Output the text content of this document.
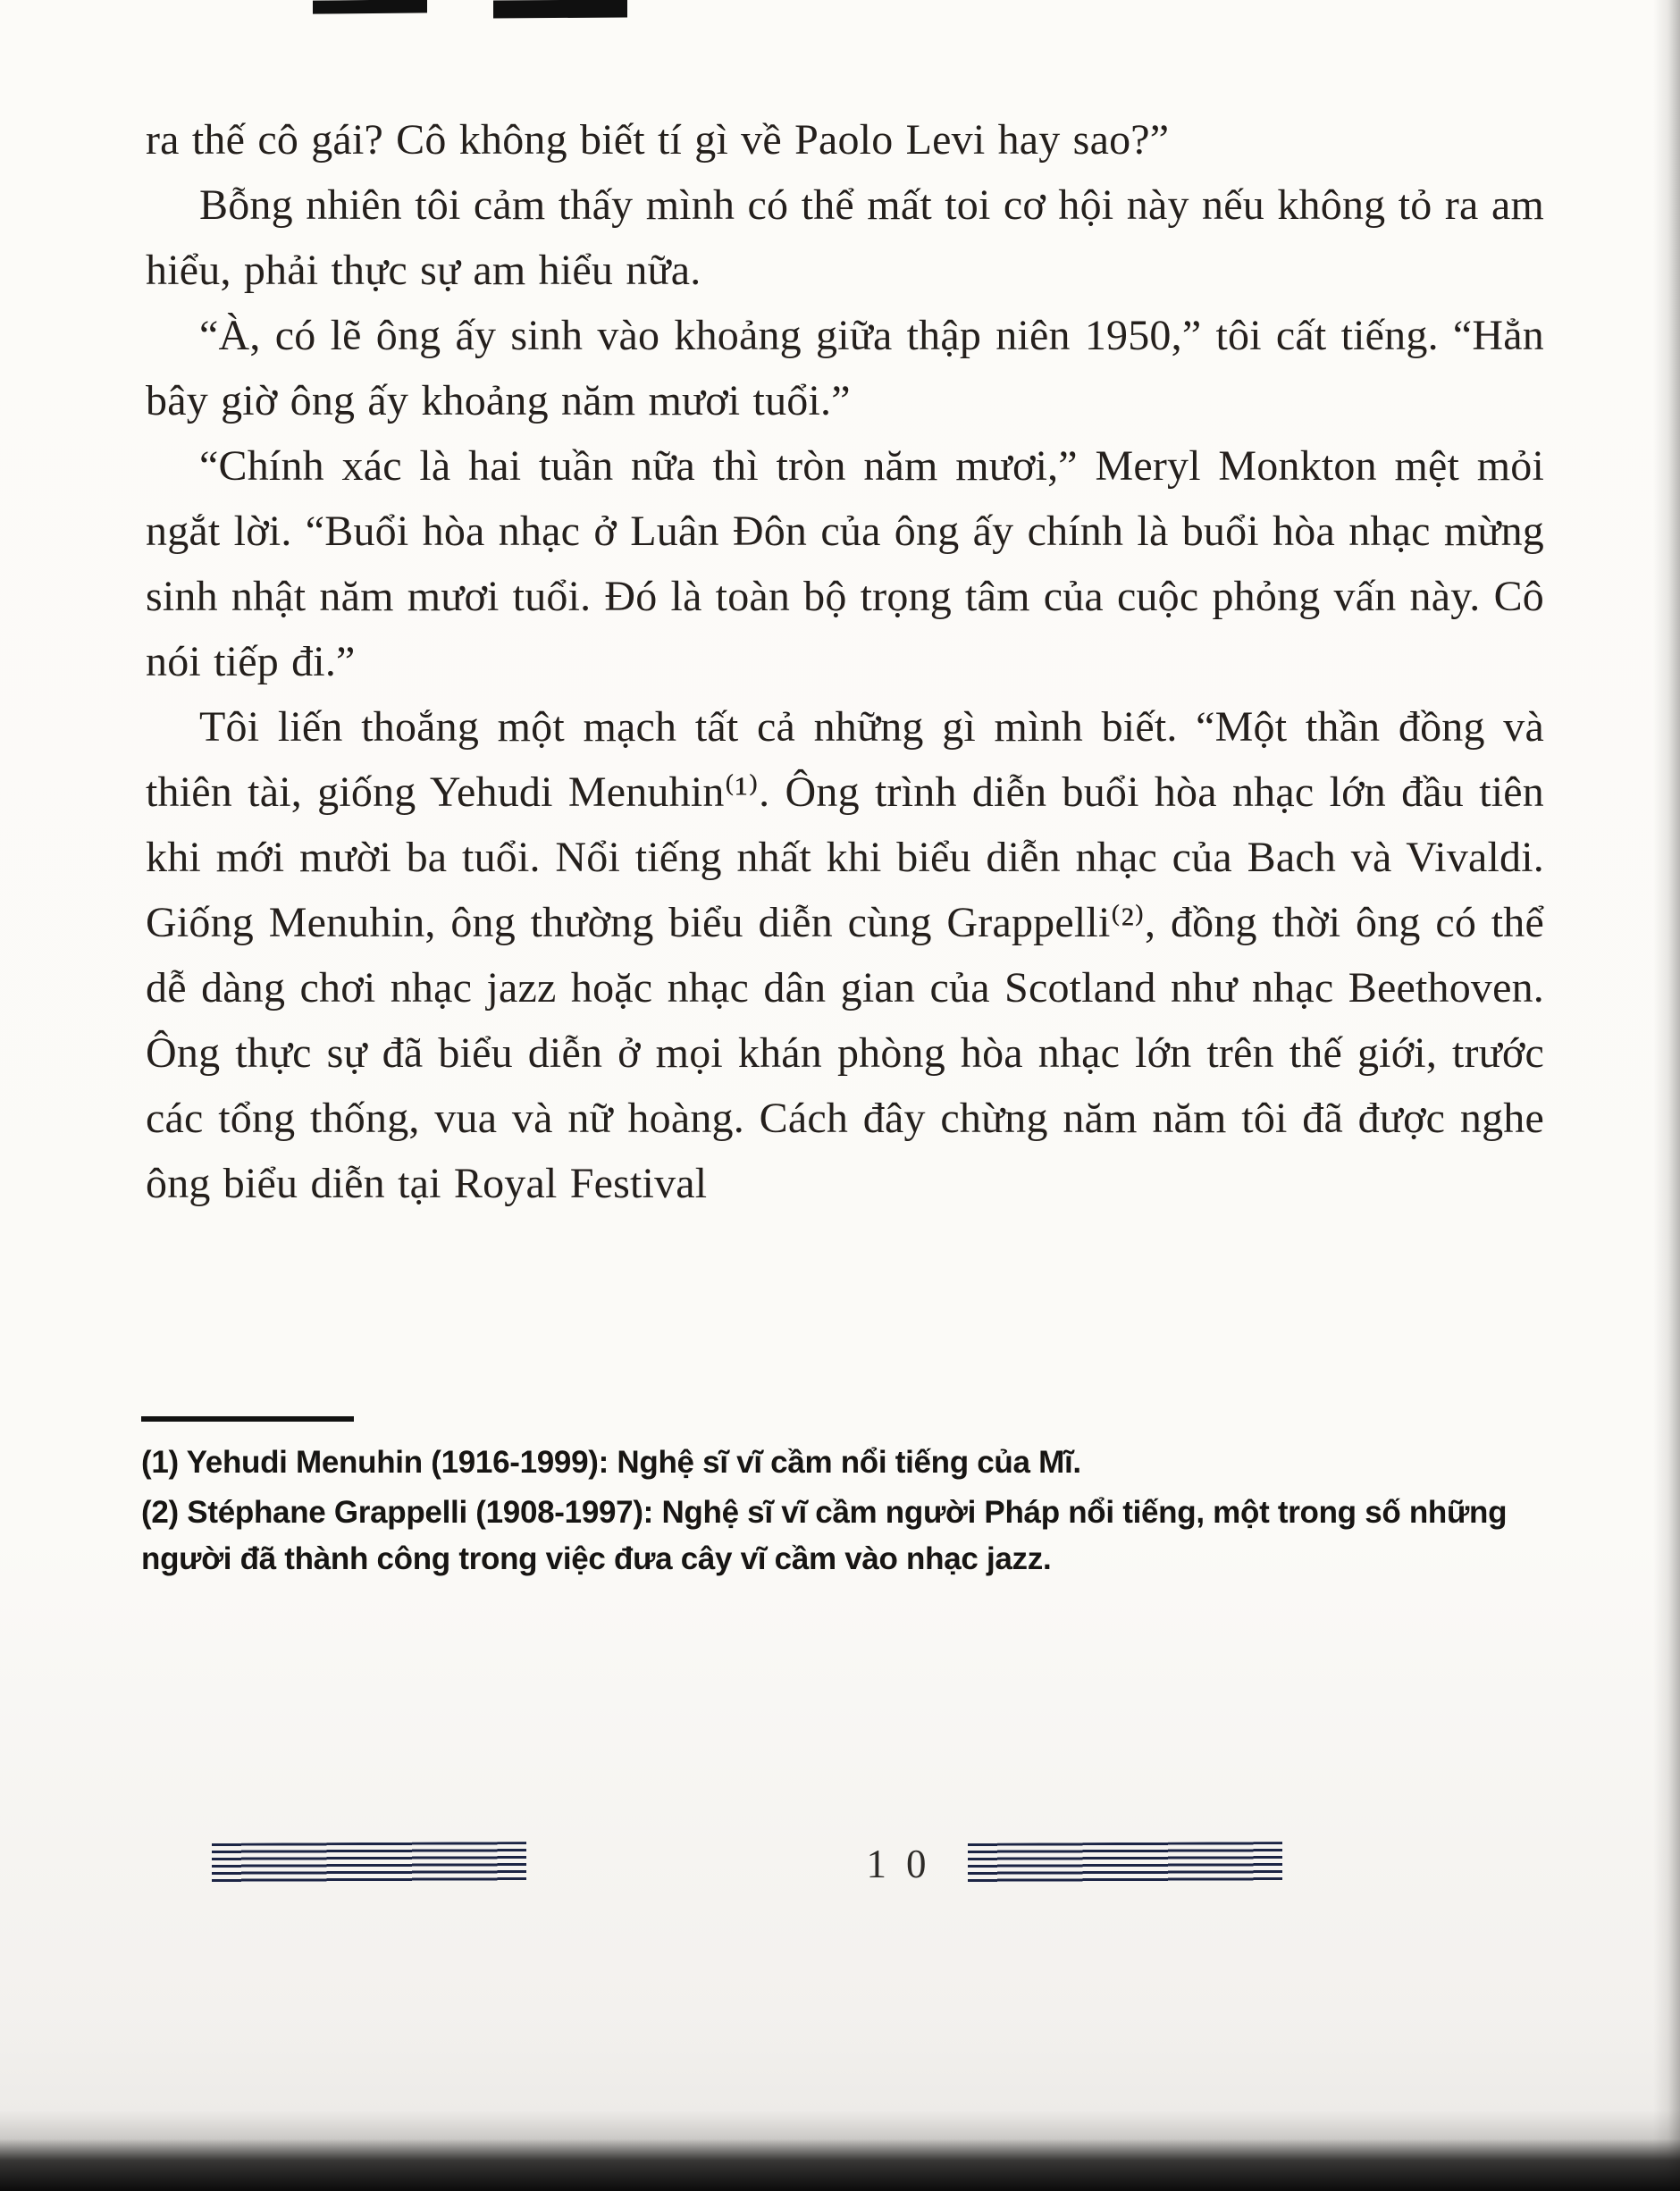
ra thế cô gái? Cô không biết tí gì về Paolo Levi hay sao?”

Bỗng nhiên tôi cảm thấy mình có thể mất toi cơ hội này nếu không tỏ ra am hiểu, phải thực sự am hiểu nữa.

“À, có lẽ ông ấy sinh vào khoảng giữa thập niên 1950,” tôi cất tiếng. “Hẳn bây giờ ông ấy khoảng năm mươi tuổi.”

“Chính xác là hai tuần nữa thì tròn năm mươi,” Meryl Monkton mệt mỏi ngắt lời. “Buổi hòa nhạc ở Luân Đôn của ông ấy chính là buổi hòa nhạc mừng sinh nhật năm mươi tuổi. Đó là toàn bộ trọng tâm của cuộc phỏng vấn này. Cô nói tiếp đi.”

Tôi liến thoắng một mạch tất cả những gì mình biết. “Một thần đồng và thiên tài, giống Yehudi Menuhin⁽¹⁾. Ông trình diễn buổi hòa nhạc lớn đầu tiên khi mới mười ba tuổi. Nổi tiếng nhất khi biểu diễn nhạc của Bach và Vivaldi. Giống Menuhin, ông thường biểu diễn cùng Grappelli⁽²⁾, đồng thời ông có thể dễ dàng chơi nhạc jazz hoặc nhạc dân gian của Scotland như nhạc Beethoven. Ông thực sự đã biểu diễn ở mọi khán phòng hòa nhạc lớn trên thế giới, trước các tổng thống, vua và nữ hoàng. Cách đây chừng năm năm tôi đã được nghe ông biểu diễn tại Royal Festival

(1) Yehudi Menuhin (1916-1999): Nghệ sĩ vĩ cầm nổi tiếng của Mĩ.

(2) Stéphane Grappelli (1908-1997): Nghệ sĩ vĩ cầm người Pháp nổi tiếng, một trong số những người đã thành công trong việc đưa cây vĩ cầm vào nhạc jazz.

10
